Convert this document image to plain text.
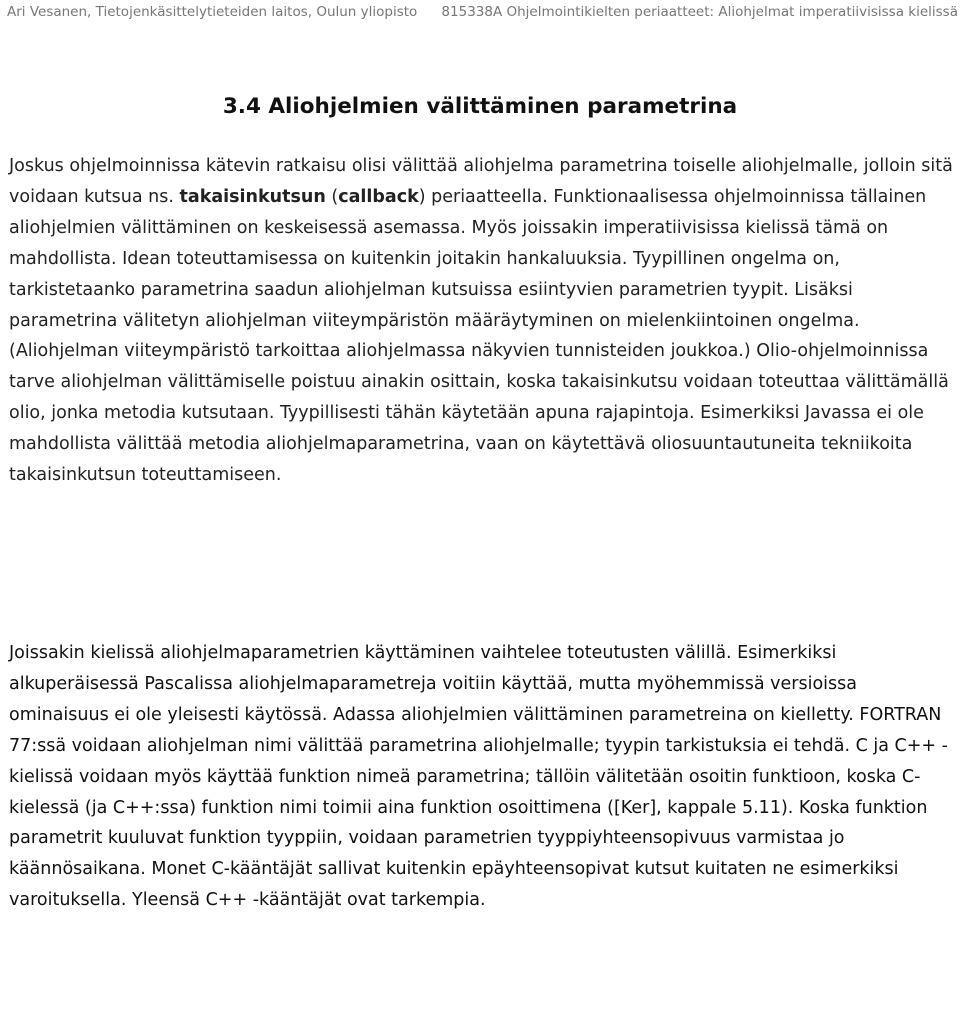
Ari Vesanen, Tietojenkäsittelytieteiden laitos, Oulun yliopisto 815338A Ohjelmointikielten periaatteet: Aliohjelmat imperatiivisissa kielissä
3.4 Aliohjelmien välittäminen parametrina

Joskus ohjelmoinnissa kätevin ratkaisu olisi välittää aliohjelma parametrina toiselle aliohjelmalle, jolloin sitä voidaan kutsua ns. takaisinkutsun (callback) periaatteella. Funktionaalisessa ohjelmoinnissa tällainen aliohjelmien välittäminen on keskeisessä asemassa. Myös joissakin imperatiivisissa kielissä tämä on mahdollista. Idean toteuttamisessa on kuitenkin joitakin hankaluuksia. Tyypillinen ongelma on, tarkistetaanko parametrina saadun aliohjelman kutsuissa esiintyvien parametrien tyypit. Lisäksi parametrina välitetyn aliohjelman viiteympäristön määräytyminen on mielenkiintoinen ongelma. (Aliohjelman viiteympäristö tarkoittaa aliohjelmassa näkyvien tunnisteiden joukkoa.) Olio-ohjelmoinnissa tarve aliohjelman välittämiselle poistuu ainakin osittain, koska takaisinkutsu voidaan toteuttaa välittämällä olio, jonka metodia kutsutaan. Tyypillisesti tähän käytetään apuna rajapintoja. Esimerkiksi Javassa ei ole mahdollista välittää metodia aliohjelmaparametrina, vaan on käytettävä oliosuuntautuneita tekniikoita takaisinkutsun toteuttamiseen.

Joissakin kielissä aliohjelmaparametrien käyttäminen vaihtelee toteutusten välillä. Esimerkiksi alkuperäisessä Pascalissa aliohjelmaparametreja voitiin käyttää, mutta myöhemmissä versioissa ominaisuus ei ole yleisesti käytössä. Adassa aliohjelmien välittäminen parametreina on kielletty. FORTRAN 77:ssä voidaan aliohjelman nimi välittää parametrina aliohjelmalle; tyypin tarkistuksia ei tehdä. C ja C++ -kielissä voidaan myös käyttää funktion nimeä parametrina; tällöin välitetään osoitin funktioon, koska C-kielessä (ja C++:ssa) funktion nimi toimii aina funktion osoittimena ([Ker], kappale 5.11). Koska funktion parametrit kuuluvat funktion tyyppiin, voidaan parametrien tyyppiyhteensopivuus varmistaa jo käännösaikana. Monet C-kääntäjät sallivat kuitenkin epäyhteensopivat kutsut kuitaten ne esimerkiksi varoituksella. Yleensä C++ -kääntäjät ovat tarkempia.
